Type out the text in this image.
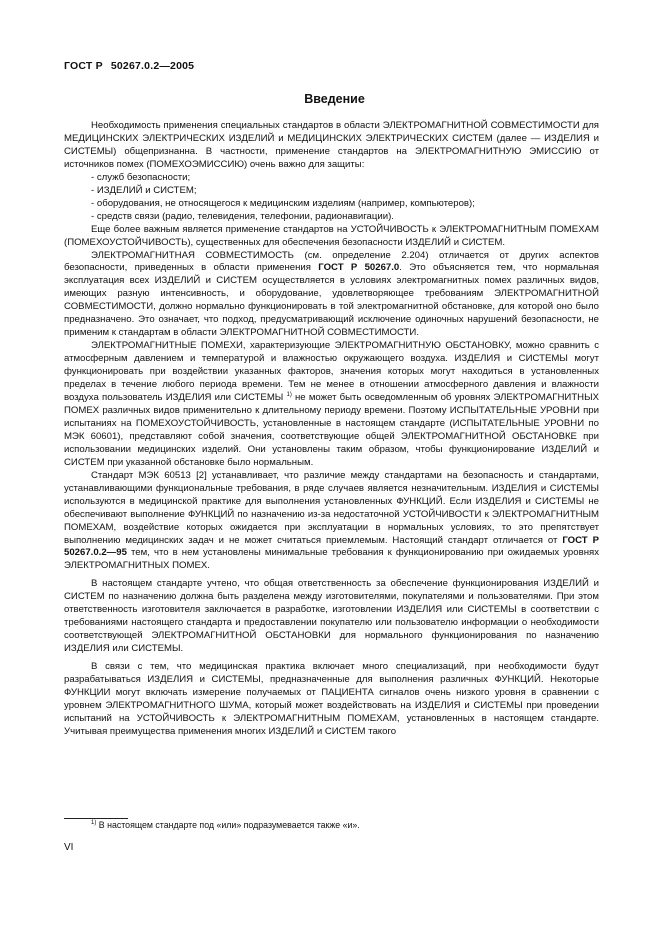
ГОСТ Р 50267.0.2—2005
Введение

Необходимость применения специальных стандартов в области ЭЛЕКТРОМАГНИТНОЙ СОВМЕСТИМОСТИ для МЕДИЦИНСКИХ ЭЛЕКТРИЧЕСКИХ ИЗДЕЛИЙ и МЕДИЦИНСКИХ ЭЛЕКТРИЧЕСКИХ СИСТЕМ (далее — ИЗДЕЛИЯ и СИСТЕМЫ) общепризнанна. В частности, применение стандартов на ЭЛЕКТРОМАГНИТНУЮ ЭМИССИЮ от источников помех (ПОМЕХОЭМИССИЮ) очень важно для защиты:

- служб безопасности;

- ИЗДЕЛИЙ и СИСТЕМ;

- оборудования, не относящегося к медицинским изделиям (например, компьютеров);

- средств связи (радио, телевидения, телефонии, радионавигации).

Еще более важным является применение стандартов на УСТОЙЧИВОСТЬ к ЭЛЕКТРОМАГНИТНЫМ ПОМЕХАМ (ПОМЕХОУСТОЙЧИВОСТЬ), существенных для обеспечения безопасности ИЗДЕЛИЙ и СИСТЕМ.

ЭЛЕКТРОМАГНИТНАЯ СОВМЕСТИМОСТЬ (см. определение 2.204) отличается от других аспектов безопасности, приведенных в области применения ГОСТ Р 50267.0. Это объясняется тем, что нормальная эксплуатация всех ИЗДЕЛИЙ и СИСТЕМ осуществляется в условиях электромагнитных помех различных видов, имеющих разную интенсивность, и оборудование, удовлетворяющее требованиям ЭЛЕКТРОМАГНИТНОЙ СОВМЕСТИМОСТИ, должно нормально функционировать в той электромагнитной обстановке, для которой оно было предназначено. Это означает, что подход, предусматривающий исключение одиночных нарушений безопасности, не применим к стандартам в области ЭЛЕКТРОМАГНИТНОЙ СОВМЕСТИМОСТИ.

ЭЛЕКТРОМАГНИТНЫЕ ПОМЕХИ, характеризующие ЭЛЕКТРОМАГНИТНУЮ ОБСТАНОВКУ, можно сравнить с атмосферным давлением и температурой и влажностью окружающего воздуха. ИЗДЕЛИЯ и СИСТЕМЫ могут функционировать при воздействии указанных факторов, значения которых могут находиться в установленных пределах в течение любого периода времени. Тем не менее в отношении атмосферного давления и влажности воздуха пользователь ИЗДЕЛИЯ или СИСТЕМЫ $^{1)}$ не может быть осведомленным об уровнях ЭЛЕКТРОМАГНИТНЫХ ПОМЕХ различных видов применительно к длительному периоду времени. Поэтому ИСПЫТАТЕЛЬНЫЕ УРОВНИ при испытаниях на ПОМЕХОУСТОЙЧИВОСТЬ, установленные в настоящем стандарте (ИСПЫТАТЕЛЬНЫЕ УРОВНИ по МЭК 60601), представляют собой значения, соответствующие общей ЭЛЕКТРОМАГНИТНОЙ ОБСТАНОВКЕ при использовании медицинских изделий. Они установлены таким образом, чтобы функционирование ИЗДЕЛИЙ и СИСТЕМ при указанной обстановке было нормальным.

Стандарт МЭК 60513 [2] устанавливает, что различие между стандартами на безопасность и стандартами, устанавливающими функциональные требования, в ряде случаев является незначительным. ИЗДЕЛИЯ и СИСТЕМЫ используются в медицинской практике для выполнения установленных ФУНКЦИЙ. Если ИЗДЕЛИЯ и СИСТЕМЫ не обеспечивают выполнение ФУНКЦИЙ по назначению из-за недостаточной УСТОЙЧИВОСТИ к ЭЛЕКТРОМАГНИТНЫМ ПОМЕХАМ, воздействие которых ожидается при эксплуатации в нормальных условиях, то это препятствует выполнению медицинских задач и не может считаться приемлемым. Настоящий стандарт отличается от ГОСТ Р 50267.0.2—95 тем, что в нем установлены минимальные требования к функционированию при ожидаемых уровнях ЭЛЕКТРОМАГНИТНЫХ ПОМЕХ.

В настоящем стандарте учтено, что общая ответственность за обеспечение функционирования ИЗДЕЛИЙ и СИСТЕМ по назначению должна быть разделена между изготовителями, покупателями и пользователями. При этом ответственность изготовителя заключается в разработке, изготовлении ИЗДЕЛИЯ или СИСТЕМЫ в соответствии с требованиями настоящего стандарта и предоставлении покупателю или пользователю информации о необходимости соответствующей ЭЛЕКТРОМАГНИТНОЙ ОБСТАНОВКИ для нормального функционирования по назначению ИЗДЕЛИЯ или СИСТЕМЫ.

В связи с тем, что медицинская практика включает много специализаций, при необходимости будут разрабатываться ИЗДЕЛИЯ и СИСТЕМЫ, предназначенные для выполнения различных ФУНКЦИЙ. Некоторые ФУНКЦИИ могут включать измерение получаемых от ПАЦИЕНТА сигналов очень низкого уровня в сравнении с уровнем ЭЛЕКТРОМАГНИТНОГО ШУМА, который может воздействовать на ИЗДЕЛИЯ и СИСТЕМЫ при проведении испытаний на УСТОЙЧИВОСТЬ к ЭЛЕКТРОМАГНИТНЫМ ПОМЕХАМ, установленных в настоящем стандарте. Учитывая преимущества применения многих ИЗДЕЛИЙ и СИСТЕМ такого

$^{1)}$ В настоящем стандарте под «или» подразумевается также «и».
VI
